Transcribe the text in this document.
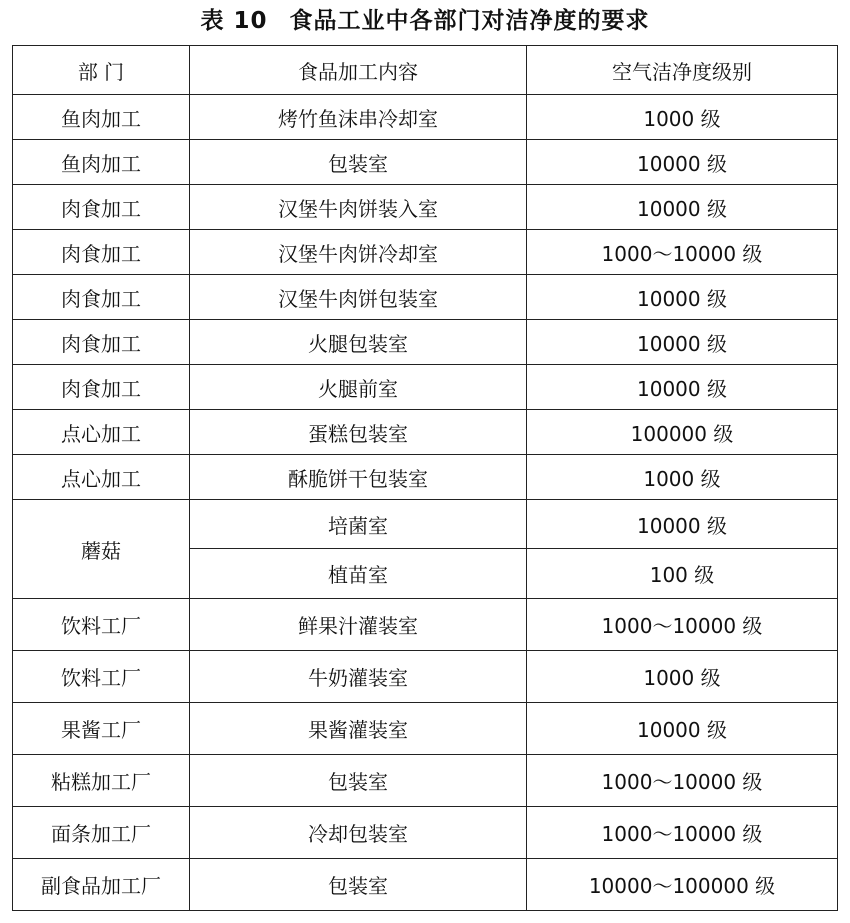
表 10 食品工业中各部门对洁净度的要求
部 门	食品加工内容	空气洁净度级别
鱼肉加工	烤竹鱼沫串冷却室	1000 级
鱼肉加工	包装室	10000 级
肉食加工	汉堡牛肉饼装入室	10000 级
肉食加工	汉堡牛肉饼冷却室	1000～10000 级
肉食加工	汉堡牛肉饼包装室	10000 级
肉食加工	火腿包装室	10000 级
肉食加工	火腿前室	10000 级
点心加工	蛋糕包装室	100000 级
点心加工	酥脆饼干包装室	1000 级
蘑菇	培菌室	10000 级
	植苗室	100 级
饮料工厂	鲜果汁灌装室	1000～10000 级
饮料工厂	牛奶灌装室	1000 级
果酱工厂	果酱灌装室	10000 级
粘糕加工厂	包装室	1000～10000 级
面条加工厂	冷却包装室	1000～10000 级
副食品加工厂	包装室	10000～100000 级
